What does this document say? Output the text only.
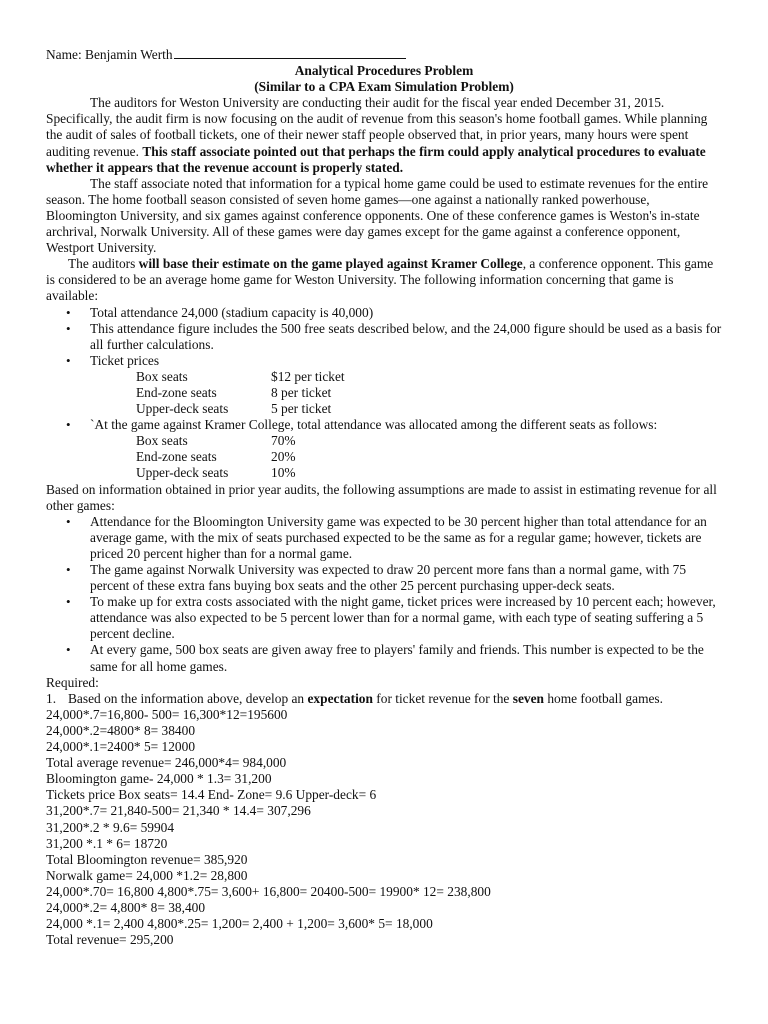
Name: Benjamin Werth

Analytical Procedures Problem

(Similar to a CPA Exam Simulation Problem)

The auditors for Weston University are conducting their audit for the fiscal year ended December 31, 2015. Specifically, the audit firm is now focusing on the audit of revenue from this season's home football games. While planning the audit of sales of football tickets, one of their newer staff people observed that, in prior years, many hours were spent auditing revenue. This staff associate pointed out that perhaps the firm could apply analytical procedures to evaluate whether it appears that the revenue account is properly stated.

The staff associate noted that information for a typical home game could be used to estimate revenues for the entire season. The home football season consisted of seven home games—one against a nationally ranked powerhouse, Bloomington University, and six games against conference opponents. One of these conference games is Weston's in-state archrival, Norwalk University. All of these games were day games except for the game against a conference opponent, Westport University.

The auditors will base their estimate on the game played against Kramer College, a conference opponent. This game is considered to be an average home game for Weston University. The following information concerning that game is available:

• Total attendance 24,000 (stadium capacity is 40,000)
• This attendance figure includes the 500 free seats described below, and the 24,000 figure should be used as a basis for all further calculations.
• Ticket prices
Box seats	$12 per ticket
End-zone seats	8 per ticket
Upper-deck seats	5 per ticket
• `At the game against Kramer College, total attendance was allocated among the different seats as follows:
Box seats	70%
End-zone seats	20%
Upper-deck seats	10%

Based on information obtained in prior year audits, the following assumptions are made to assist in estimating revenue for all other games:

• Attendance for the Bloomington University game was expected to be 30 percent higher than total attendance for an average game, with the mix of seats purchased expected to be the same as for a regular game; however, tickets are priced 20 percent higher than for a normal game.
• The game against Norwalk University was expected to draw 20 percent more fans than a normal game, with 75 percent of these extra fans buying box seats and the other 25 percent purchasing upper-deck seats.
• To make up for extra costs associated with the night game, ticket prices were increased by 10 percent each; however, attendance was also expected to be 5 percent lower than for a normal game, with each type of seating suffering a 5 percent decline.
• At every game, 500 box seats are given away free to players' family and friends. This number is expected to be the same for all home games.

Required:

1. Based on the information above, develop an expectation for ticket revenue for the seven home football games.

24,000*.7=16,800- 500= 16,300*12=195600

24,000*.2=4800* 8= 38400

24,000*.1=2400* 5= 12000

Total average revenue= 246,000*4= 984,000

Bloomington game- 24,000 * 1.3= 31,200

Tickets price Box seats= 14.4 End- Zone= 9.6 Upper-deck= 6

31,200*.7= 21,840-500= 21,340 * 14.4= 307,296

31,200*.2 * 9.6= 59904

31,200 *.1 * 6= 18720

Total Bloomington revenue= 385,920

Norwalk game= 24,000 *1.2= 28,800

24,000*.70= 16,800 4,800*.75= 3,600+ 16,800= 20400-500= 19900* 12= 238,800

24,000*.2= 4,800* 8= 38,400

24,000 *.1= 2,400 4,800*.25= 1,200= 2,400 + 1,200= 3,600* 5= 18,000

Total revenue= 295,200
